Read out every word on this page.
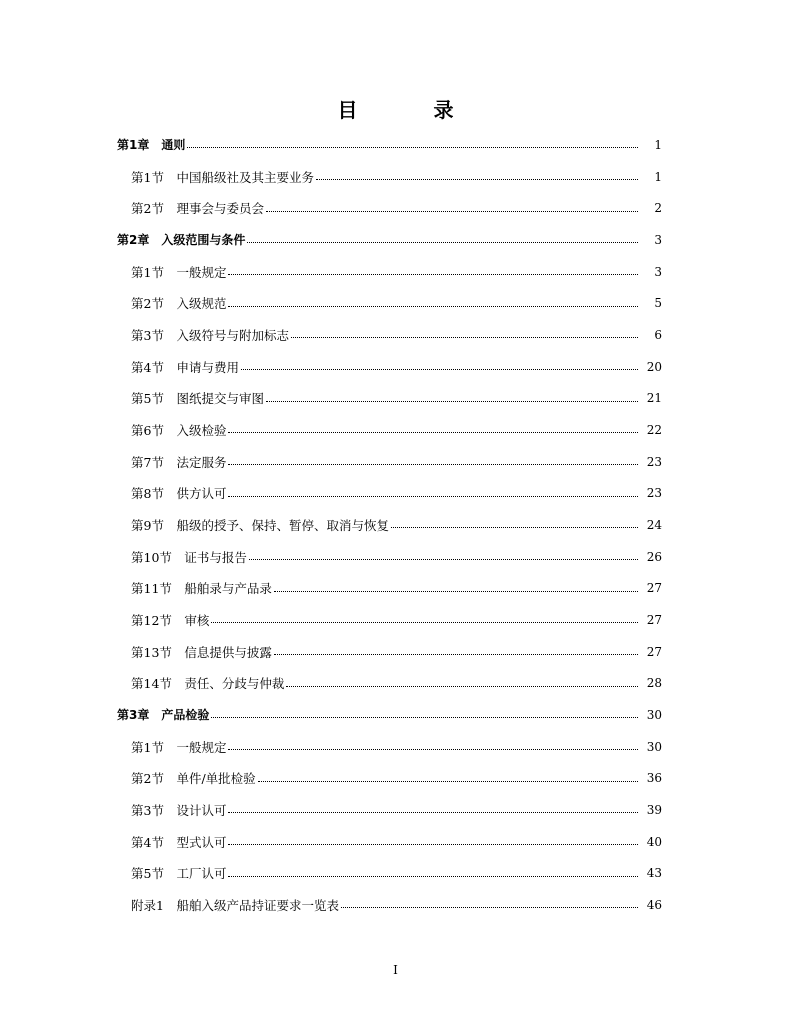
目　录
第1章　通则	1
第1节　中国船级社及其主要业务	1
第2节　理事会与委员会	2
第2章　入级范围与条件	3
第1节　一般规定	3
第2节　入级规范	5
第3节　入级符号与附加标志	6
第4节　申请与费用	20
第5节　图纸提交与审图	21
第6节　入级检验	22
第7节　法定服务	23
第8节　供方认可	23
第9节　船级的授予、保持、暂停、取消与恢复	24
第10节　证书与报告	26
第11节　船舶录与产品录	27
第12节　审核	27
第13节　信息提供与披露	27
第14节　责任、分歧与仲裁	28
第3章　产品检验	30
第1节　一般规定	30
第2节　单件/单批检验	36
第3节　设计认可	39
第4节　型式认可	40
第5节　工厂认可	43
附录1　船舶入级产品持证要求一览表	46
I
